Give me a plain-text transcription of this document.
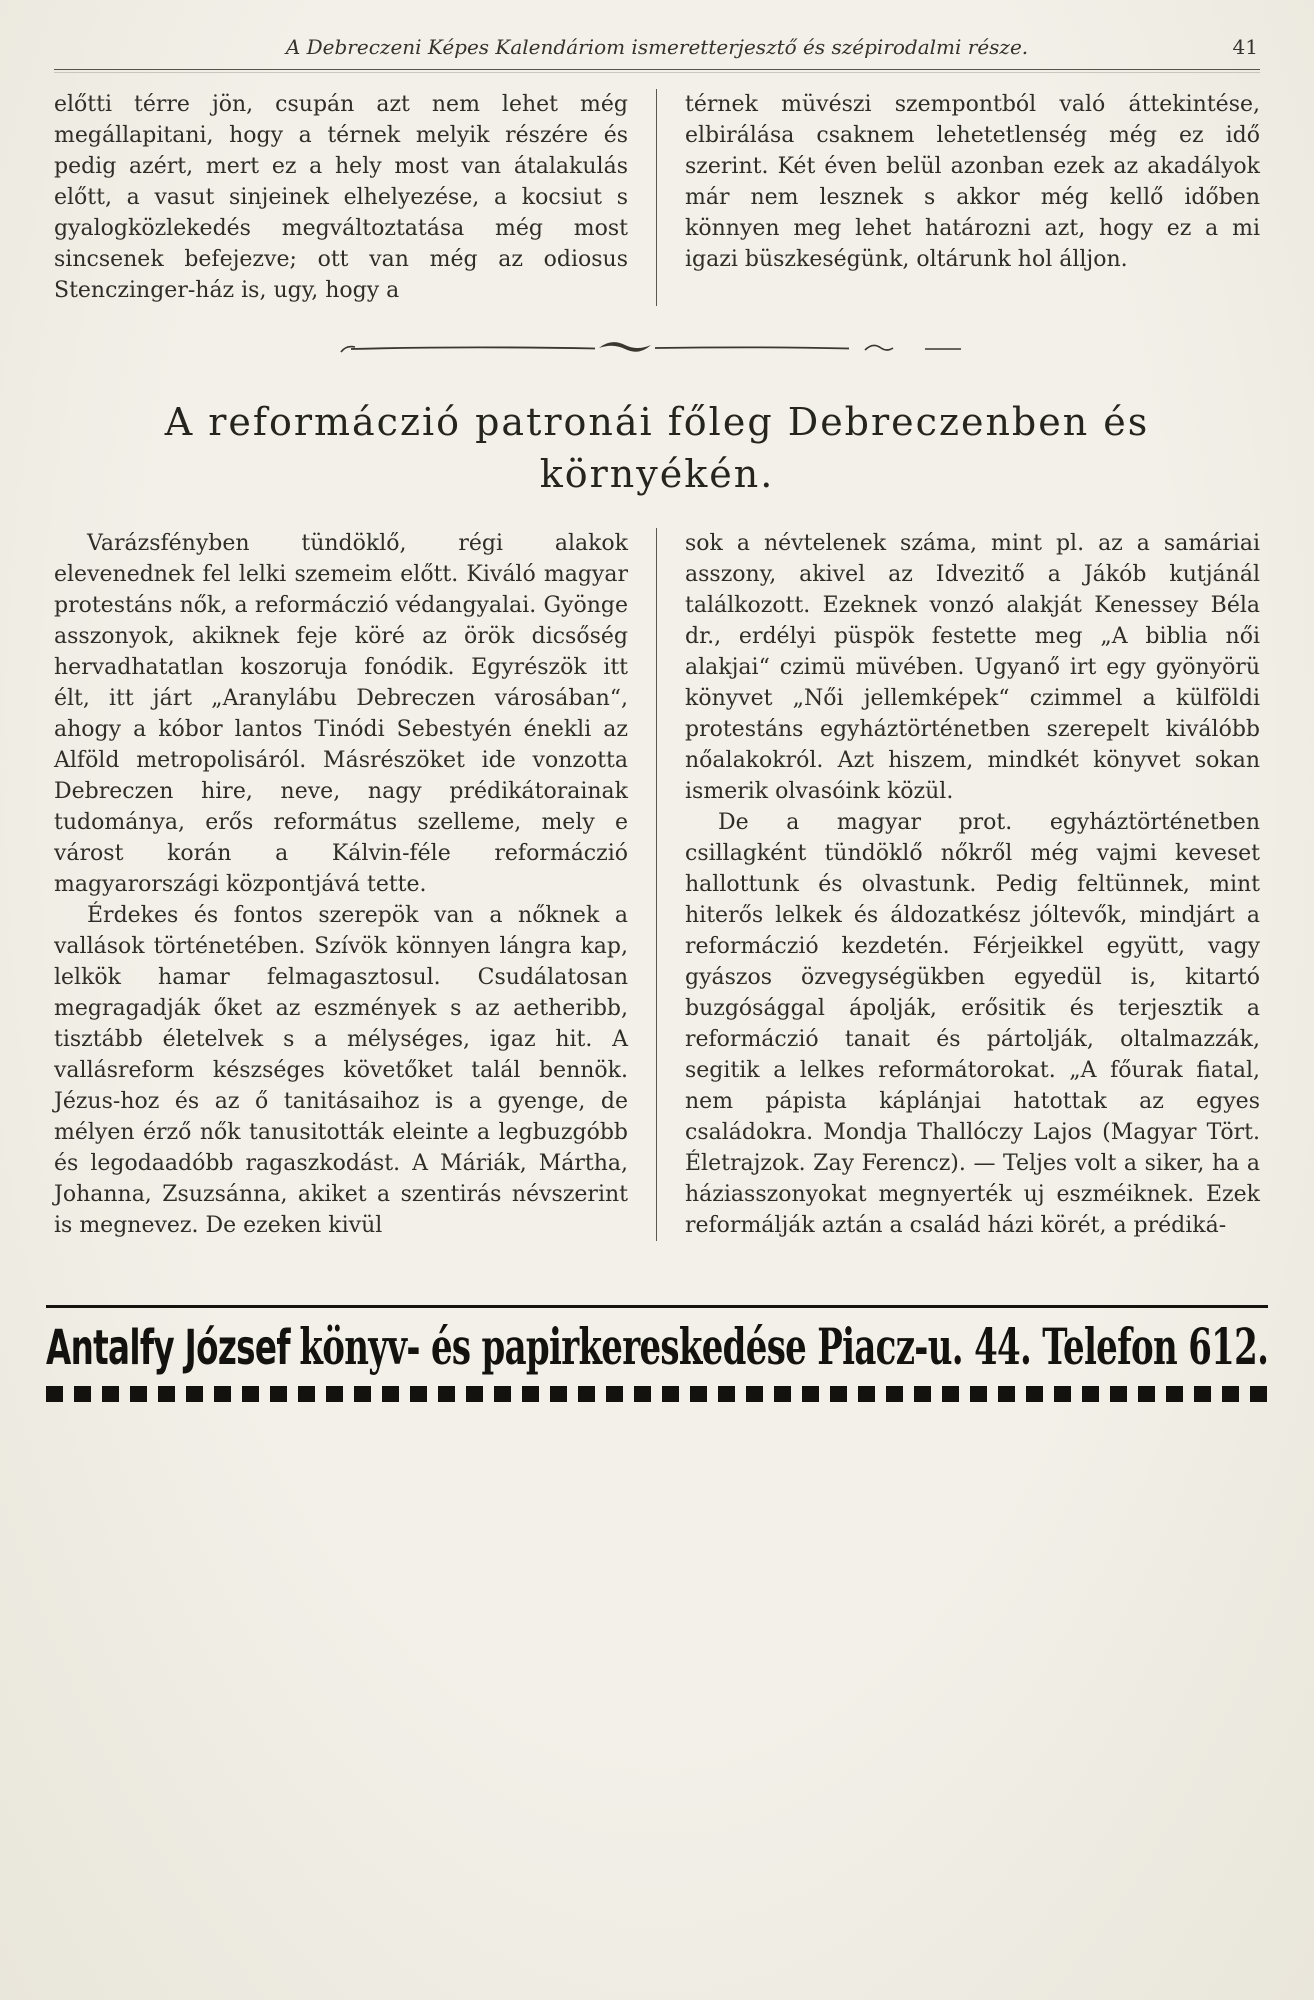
A Debreczeni Képes Kalendáriom ismeretterjesztő és szépirodalmi része.	41

előtti térre jön, csupán azt nem lehet még megállapitani, hogy a térnek melyik részére és pedig azért, mert ez a hely most van átalakulás előtt, a vasut sinjeinek elhelyezése, a kocsiut s gyalogközlekedés megváltoztatása még most sincsenek befejezve; ott van még az odiosus Stenczinger-ház is, ugy, hogy a

térnek müvészi szempontból való áttekintése, elbirálása csaknem lehetetlenség még ez idő szerint. Két éven belül azonban ezek az akadályok már nem lesznek s akkor még kellő időben könnyen meg lehet határozni azt, hogy ez a mi igazi büszkeségünk, oltárunk hol álljon.

A reformáczió patronái főleg Debreczenben és környékén.

Varázsfényben tündöklő, régi alakok elevenednek fel lelki szemeim előtt. Kiváló magyar protestáns nők, a reformáczió védangyalai. Gyönge asszonyok, akiknek feje köré az örök dicsőség hervadhatatlan koszoruja fonódik. Egyrészök itt élt, itt járt „Aranylábu Debreczen városában“, ahogy a kóbor lantos Tinódi Sebestyén énekli az Alföld metropolisáról. Másrészöket ide vonzotta Debreczen hire, neve, nagy prédikátorainak tudománya, erős református szelleme, mely e várost korán a Kálvin-féle reformáczió magyarországi központjává tette.

Érdekes és fontos szerepök van a nőknek a vallások történetében. Szívök könnyen lángra kap, lelkök hamar felmagasztosul. Csudálatosan megragadják őket az eszmények s az aetheribb, tisztább életelvek s a mélységes, igaz hit. A vallásreform készséges követőket talál bennök. Jézus-hoz és az ő tanitásaihoz is a gyenge, de mélyen érző nők tanusitották eleinte a legbuzgóbb és legodaadóbb ragaszkodást. A Máriák, Mártha, Johanna, Zsuzsánna, akiket a szentirás névszerint is megnevez. De ezeken kivül

sok a névtelenek száma, mint pl. az a samáriai asszony, akivel az Idvezitő a Jákób kutjánál találkozott. Ezeknek vonzó alakját Kenessey Béla dr., erdélyi püspök festette meg „A biblia női alakjai“ czimü müvében. Ugyanő irt egy gyönyörü könyvet „Női jellemképek“ czimmel a külföldi protestáns egyháztörténetben szerepelt kiválóbb nőalakokról. Azt hiszem, mindkét könyvet sokan ismerik olvasóink közül.

De a magyar prot. egyháztörténetben csillagként tündöklő nőkről még vajmi keveset hallottunk és olvastunk. Pedig feltünnek, mint hiterős lelkek és áldozatkész jóltevők, mindjárt a reformáczió kezdetén. Férjeikkel együtt, vagy gyászos özvegységükben egyedül is, kitartó buzgósággal ápolják, erősitik és terjesztik a reformáczió tanait és pártolják, oltalmazzák, segitik a lelkes reformátorokat. „A főurak fiatal, nem pápista káplánjai hatottak az egyes családokra. Mondja Thallóczy Lajos (Magyar Tört. Életrajzok. Zay Ferencz). — Teljes volt a siker, ha a háziasszonyokat megnyerték uj eszméiknek. Ezek reformálják aztán a család házi körét, a prédiká-

Antalfy József könyv- és papirkereskedése Piacz-u. 44. Telefon 612.
